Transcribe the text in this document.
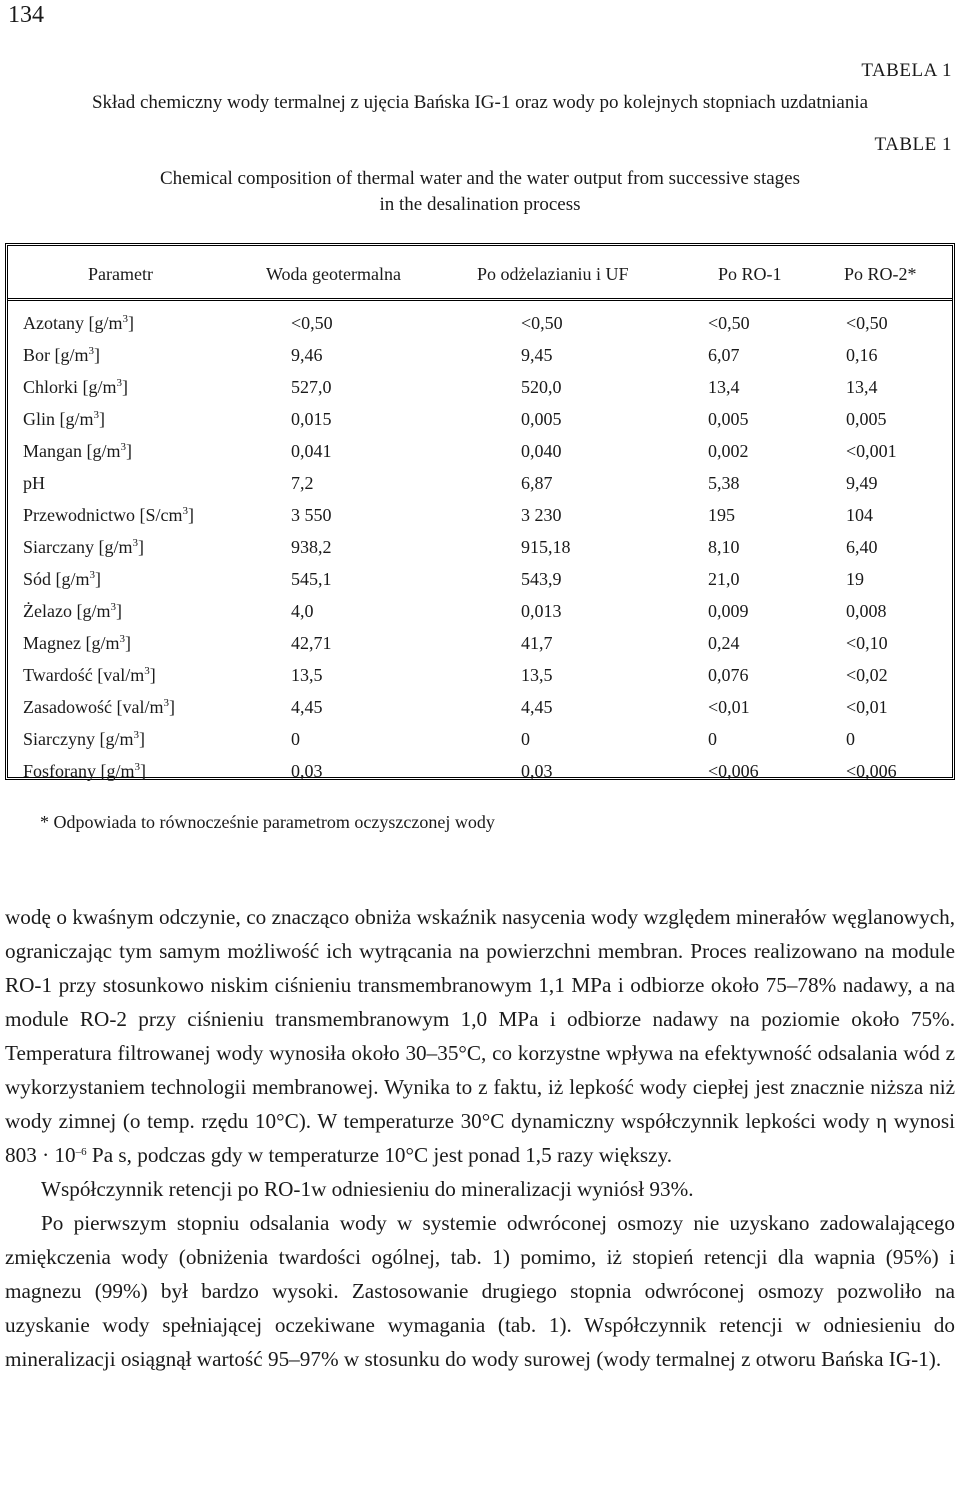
134
TABELA 1
Skład chemiczny wody termalnej z ujęcia Bańska IG-1 oraz wody po kolejnych stopniach uzdatniania
TABLE 1
Chemical composition of thermal water and the water output from successive stages
in the desalination process
Parametr	Woda geotermalna	Po odżelazianiu i UF	Po RO-1	Po RO-2*
Azotany $[g/m^3]$	<0,50	<0,50	<0,50	<0,50
Bor $[g/m^3]$	9,46	9,45	6,07	0,16
Chlorki $[g/m^3]$	527,0	520,0	13,4	13,4
Glin $[g/m^3]$	0,015	0,005	0,005	0,005
Mangan $[g/m^3]$	0,041	0,040	0,002	<0,001
pH	7,2	6,87	5,38	9,49
Przewodnictwo $[S/cm^3]$	3 550	3 230	195	104
Siarczany $[g/m^3]$	938,2	915,18	8,10	6,40
Sód $[g/m^3]$	545,1	543,9	21,0	19
Żelazo $[g/m^3]$	4,0	0,013	0,009	0,008
Magnez $[g/m^3]$	42,71	41,7	0,24	<0,10
Twardość $[val/m^3]$	13,5	13,5	0,076	<0,02
Zasadowość $[val/m^3]$	4,45	4,45	<0,01	<0,01
Siarczyny $[g/m^3]$	0	0	0	0
Fosforany $[g/m^3]$	0,03	0,03	<0,006	<0,006
* Odpowiada to równocześnie parametrom oczyszczonej wody

wodę o kwaśnym odczynie, co znacząco obniża wskaźnik nasycenia wody względem minerałów węglanowych, ograniczając tym samym możliwość ich wytrącania na powierzchni membran. Proces realizowano na module RO-1 przy stosunkowo niskim ciśnieniu transmembranowym 1,1 MPa i odbiorze około 75–78% nadawy, a na module RO-2 przy ciśnieniu transmembranowym 1,0 MPa i odbiorze nadawy na poziomie około 75%. Temperatura filtrowanej wody wynosiła około 30–35°C, co korzystne wpływa na efektywność odsalania wód z wykorzystaniem technologii membranowej. Wynika to z faktu, iż lepkość wody ciepłej jest znacznie niższa niż wody zimnej (o temp. rzędu 10°C). W temperaturze 30°C dynamiczny współczynnik lepkości wody η wynosi $803 \cdot 10^{-6}$ Pa s, podczas gdy w temperaturze 10°C jest ponad 1,5 razy większy.

Współczynnik retencji po RO-1w odniesieniu do mineralizacji wyniósł 93%.

Po pierwszym stopniu odsalania wody w systemie odwróconej osmozy nie uzyskano zadowalającego zmiękczenia wody (obniżenia twardości ogólnej, tab. 1) pomimo, iż stopień retencji dla wapnia (95%) i magnezu (99%) był bardzo wysoki. Zastosowanie drugiego stopnia odwróconej osmozy pozwoliło na uzyskanie wody spełniającej oczekiwane wymagania (tab. 1). Współczynnik retencji w odniesieniu do mineralizacji osiągnął wartość 95–97% w stosunku do wody surowej (wody termalnej z otworu Bańska IG-1).
